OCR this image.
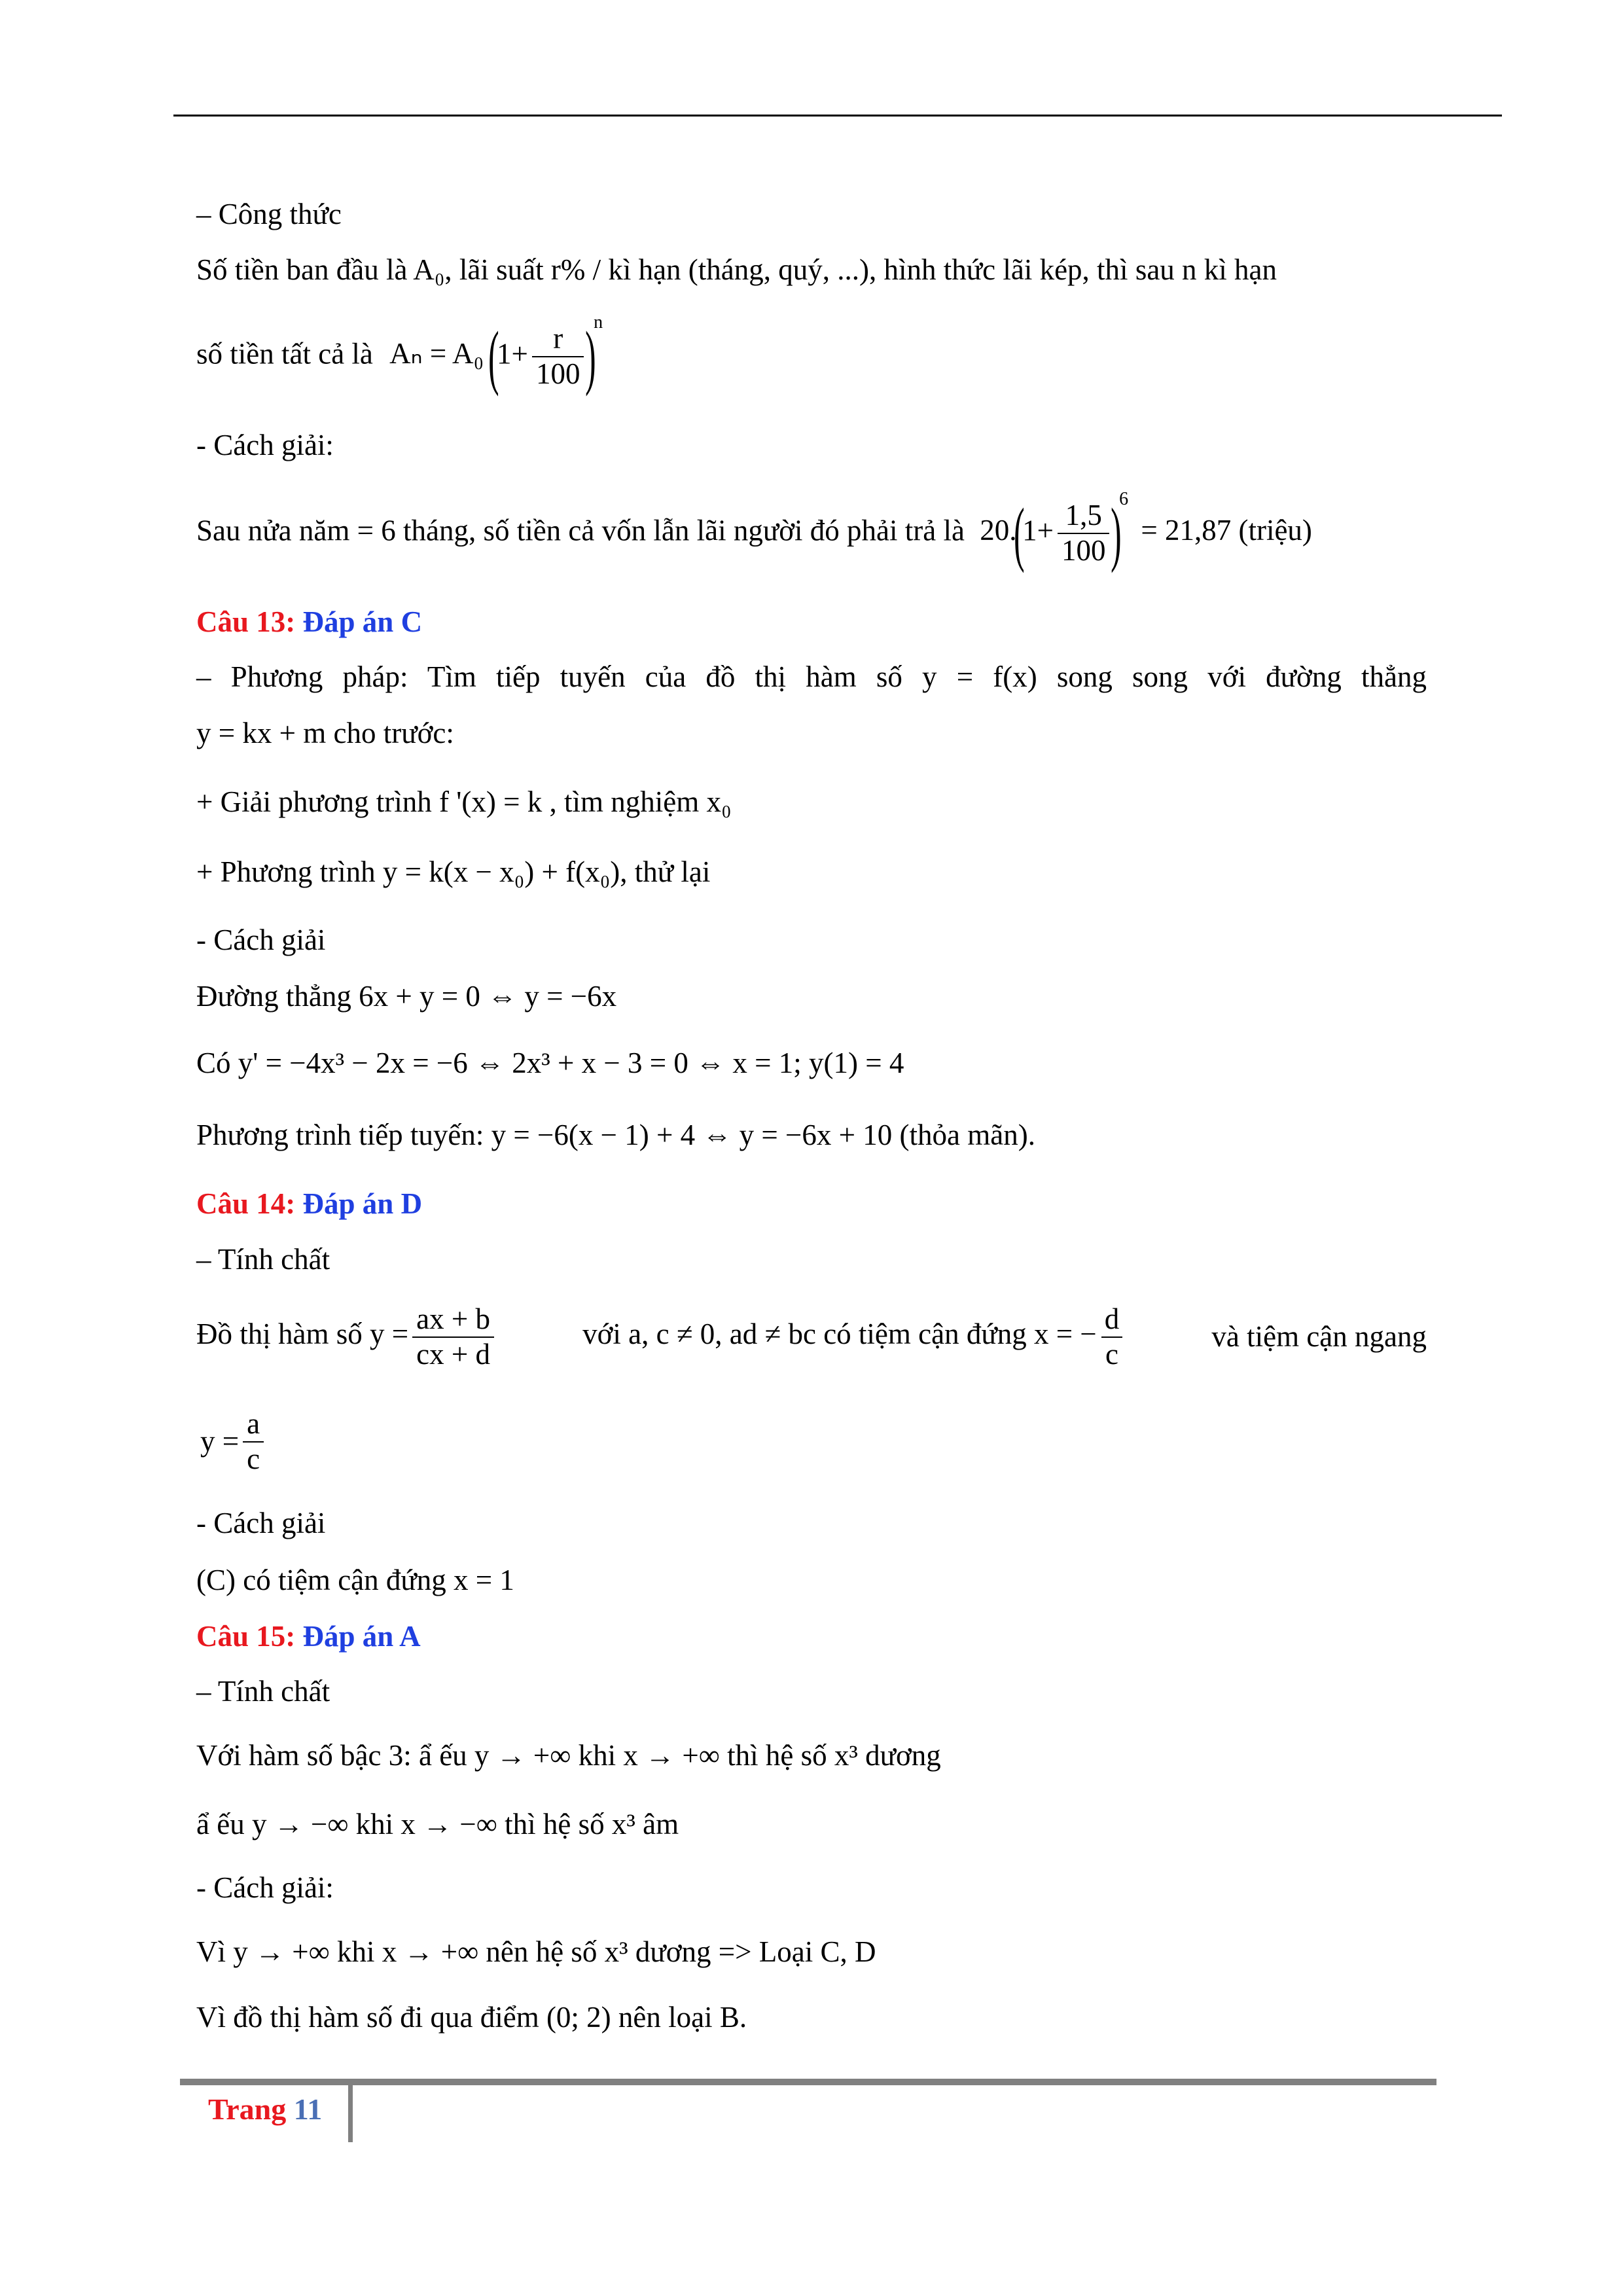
– Công thức
Số tiền ban đầu là A₀, lãi suất r% / kì hạn (tháng, quý, ...), hình thức lãi kép, thì sau n kì hạn
số tiền tất cả là Aₙ = A₀ $(1+ \frac{r}{100} )^n$
- Cách giải:
Sau nửa năm = 6 tháng, số tiền cả vốn lẫn lãi người đó phải trả là $20.(1+ \frac{1,5}{100} )^6 = 21,87$ (triệu)
Câu 13: Đáp án C
– Phương pháp: Tìm tiếp tuyến của đồ thị hàm số y = f(x) song song với đường thẳng
y = kx + m cho trước:
+ Giải phương trình f '(x) = k , tìm nghiệm x₀
+ Phương trình y = k(x − x₀) + f(x₀), thử lại
- Cách giải
Đường thẳng 6x + y = 0 ⇔ y = −6x
Có y' = −4x³ − 2x = −6 ⇔ 2x³ + x − 3 = 0 ⇔ x = 1; y(1) = 4
Phương trình tiếp tuyến: y = −6(x − 1) + 4 ⇔ y = −6x + 10 (thỏa mãn).
Câu 14: Đáp án D
– Tính chất
Đồ thị hàm số $y = \frac{ax + b}{cx + d}$	với a, c ≠ 0, ad ≠ bc có tiệm cận đứng x = − $\frac{d}{c}$	và tiệm cận ngang
$y = \frac{a}{c}$
- Cách giải
(C) có tiệm cận đứng x = 1
Câu 15: Đáp án A
– Tính chất
Với hàm số bậc 3: ẩ ếu y → +∞ khi x → +∞ thì hệ số x³ dương
ẩ ếu y → −∞ khi x → −∞ thì hệ số x³ âm
- Cách giải:
Vì y → +∞ khi x → +∞ nên hệ số x³ dương => Loại C, D
Vì đồ thị hàm số đi qua điểm (0; 2) nên loại B.
Trang 11
